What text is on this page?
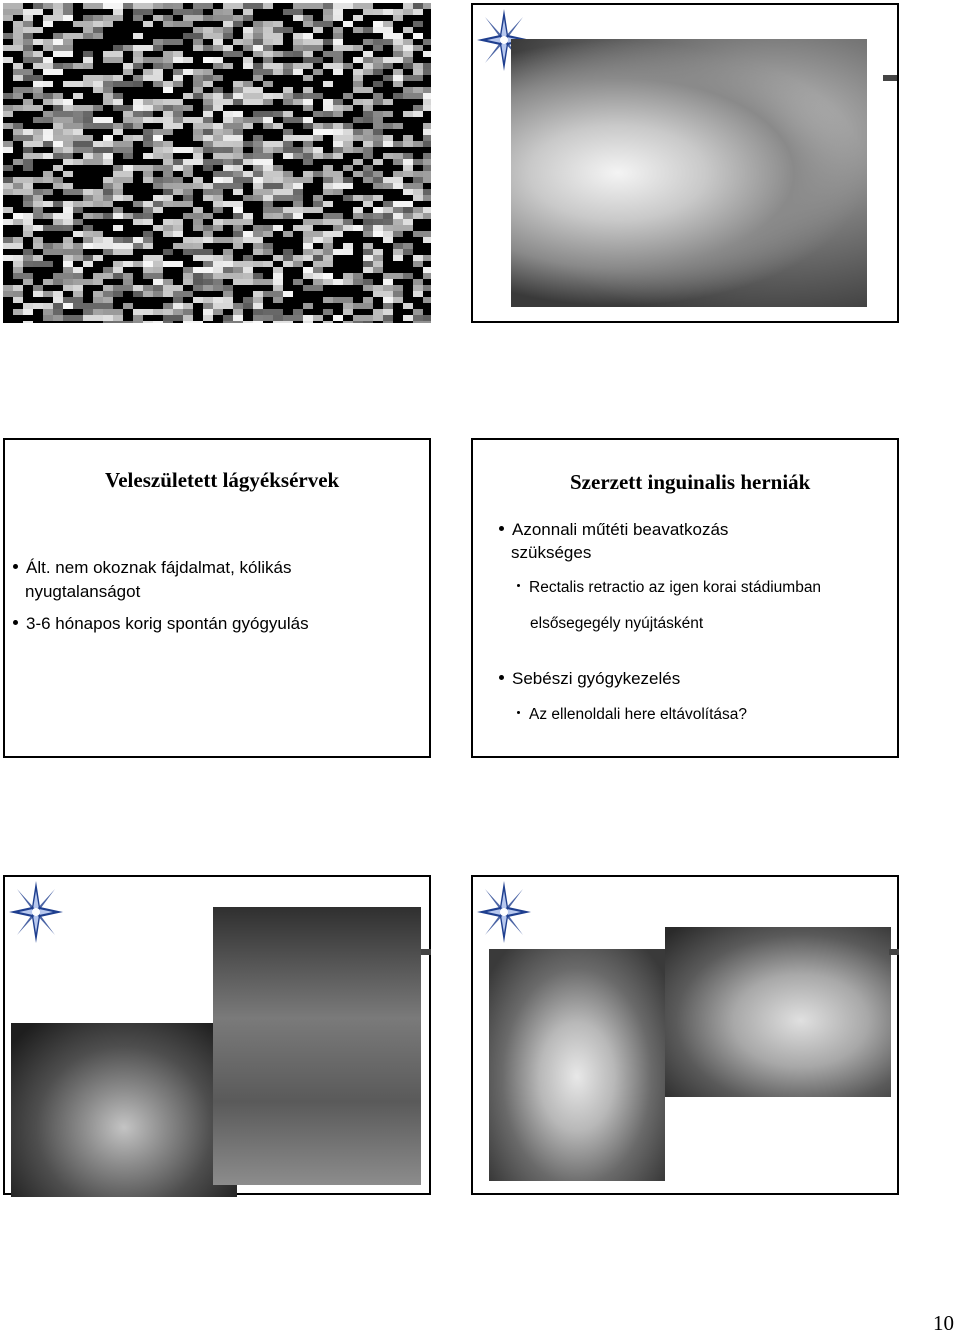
Veleszületett lágyéksérvek
Ált. nem okoznak fájdalmat, kólikás
nyugtalanságot
3-6 hónapos korig spontán gyógyulás
Szerzett inguinalis herniák
Azonnali műtéti beavatkozás
szükséges
Rectalis retractio az igen korai stádiumban
elsősegegély nyújtásként
Sebészi gyógykezelés
Az ellenoldali here eltávolítása?
10
